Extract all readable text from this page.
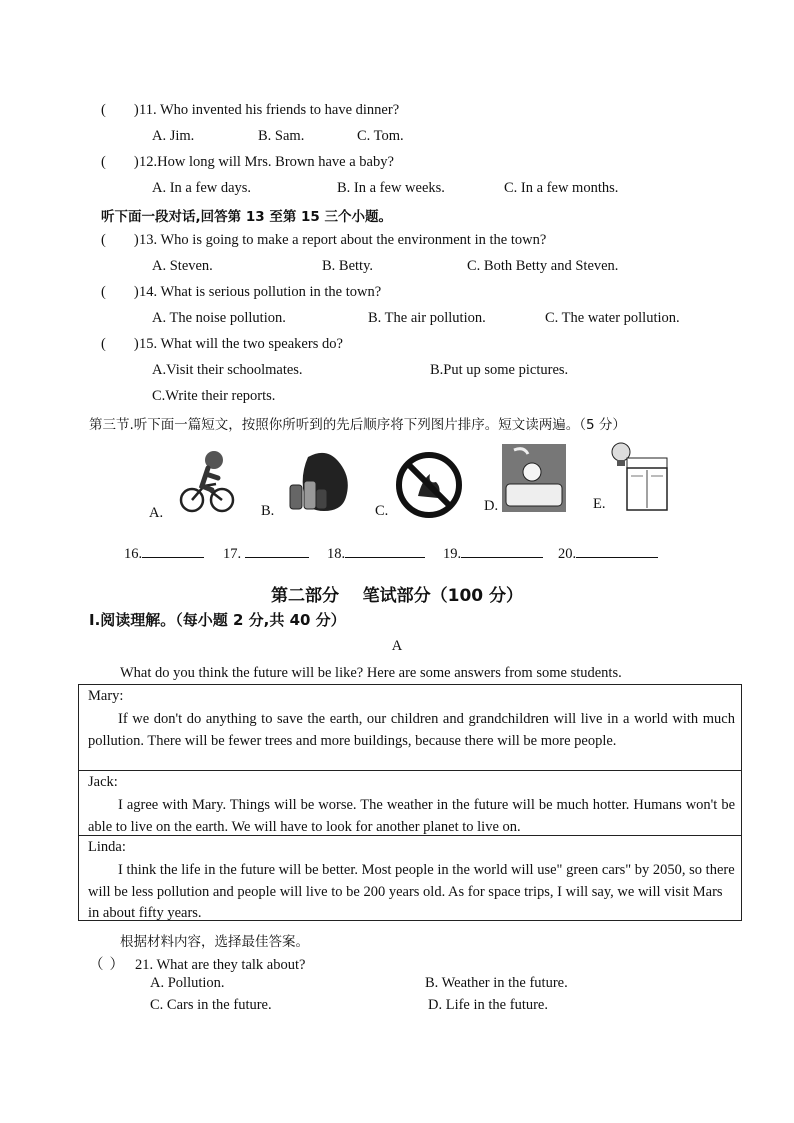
( )11. Who invented his friends to have dinner?
A. Jim.	B. Sam.	C. Tom.
( )12.How long will Mrs. Brown have a baby?
A. In a few days.	B. In a few weeks.	C. In a few months.
听下面一段对话,回答第 13 至第 15 三个小题。
( )13. Who is going to make a report about the environment in the town?
A. Steven.	B. Betty.	C. Both Betty and Steven.
( )14. What is serious pollution in the town?
A. The noise pollution.	B. The air pollution.	C. The water pollution.
( )15. What will the two speakers do?
A.Visit their schoolmates.	B.Put up some pictures.
C.Write their reports.
第三节.听下面一篇短文，按照你所听到的先后顺序将下列图片排序。短文读两遍。（5 分）
A.	B.	C.	D.	E.
16.	17.	18.	19.	20.
第二部分    笔试部分（100 分）
Ⅰ.阅读理解。（每小题 2 分,共 40 分）
A
What do you think the future will be like? Here are some answers from some students.
Mary:
If we don't do anything to save the earth, our children and grandchildren will live in a world with much pollution. There will be fewer trees and more buildings, because there will be more people.
Jack:
I agree with Mary. Things will be worse. The weather in the future will be much hotter. Humans won't be able to live on the earth. We will have to look for another planet to live on.
Linda:
I think the life in the future will be better. Most people in the world will use" green cars" by 2050, so there will be less pollution and people will live to be 200 years old. As for space trips, I will say, we will visit Mars in about fifty years.
根据材料内容，选择最佳答案。
（ ） 21. What are they talk about?
A. Pollution.	B. Weather in the future.
C. Cars in the future.	D. Life in the future.
